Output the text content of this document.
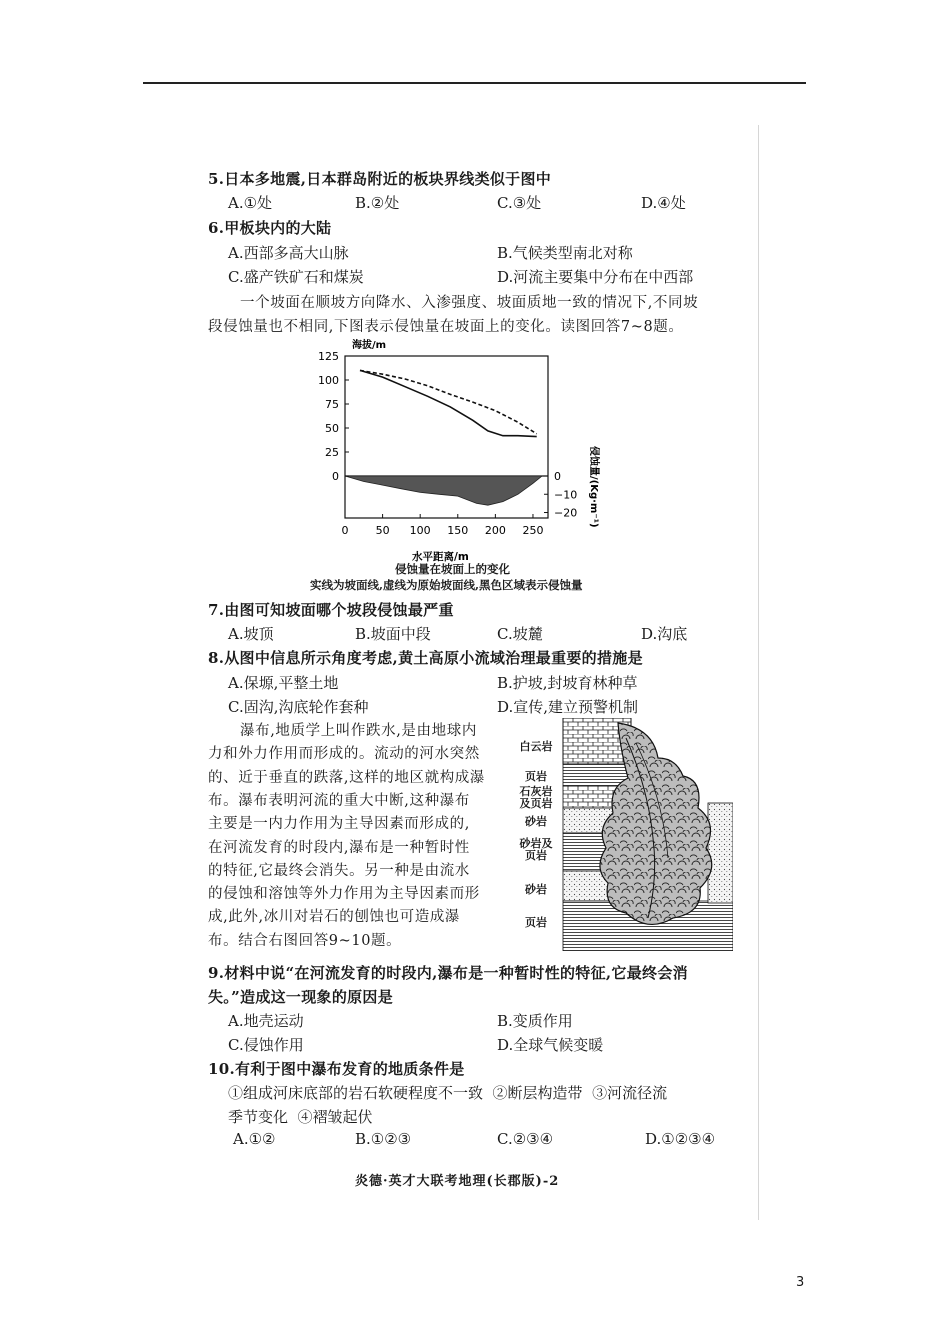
5.日本多地震,日本群岛附近的板块界线类似于图中
A.①处	B.②处	C.③处	D.④处
6.甲板块内的大陆
A.西部多高大山脉	B.气候类型南北对称
C.盛产铁矿石和煤炭	D.河流主要集中分布在中西部
一个坡面在顺坡方向降水、入渗强度、坡面质地一致的情况下,不同坡
段侵蚀量也不相同,下图表示侵蚀量在坡面上的变化。读图回答7~8题。
0 50 100 150 200 250
125
100
75
50
25
0	0
−10
−20
海拔/m
水平距离/m
侵蚀量/(Kg·m⁻¹)
侵蚀量在坡面上的变化
实线为坡面线,虚线为原始坡面线,黑色区域表示侵蚀量
7.由图可知坡面哪个坡段侵蚀最严重
A.坡顶	B.坡面中段	C.坡麓	D.沟底
8.从图中信息所示角度考虑,黄土高原小流域治理最重要的措施是
A.保塬,平整土地	B.护坡,封坡育林种草
C.固沟,沟底轮作套种	D.宣传,建立预警机制
瀑布,地质学上叫作跌水,是由地球内
力和外力作用而形成的。流动的河水突然
的、近于垂直的跌落,这样的地区就构成瀑
布。瀑布表明河流的重大中断,这种瀑布
主要是一内力作用为主导因素而形成的,
在河流发育的时段内,瀑布是一种暂时性
的特征,它最终会消失。另一种是由流水
的侵蚀和溶蚀等外力作用为主导因素而形
成,此外,冰川对岩石的刨蚀也可造成瀑
布。结合右图回答9~10题。
白云岩
页岩
石灰岩及页岩
砂岩
砂岩及页岩
砂岩
页岩
9.材料中说“在河流发育的时段内,瀑布是一种暂时性的特征,它最终会消
失。”造成这一现象的原因是
A.地壳运动	B.变质作用
C.侵蚀作用	D.全球气候变暖
10.有利于图中瀑布发育的地质条件是
①组成河床底部的岩石软硬程度不一致  ②断层构造带  ③河流径流
季节变化  ④褶皱起伏
A.①②	B.①②③	C.②③④	D.①②③④
炎德·英才大联考地理(长郡版)-2
3
